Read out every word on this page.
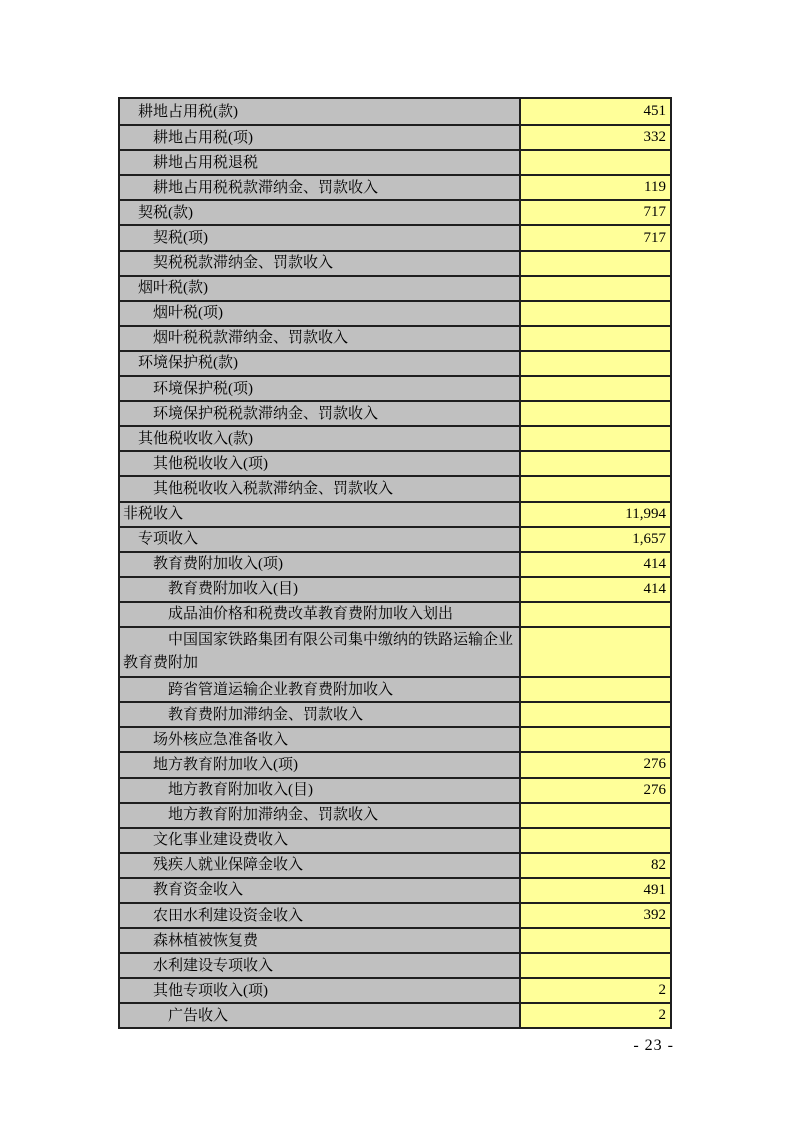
耕地占用税(款)	451
耕地占用税(项)	332
耕地占用税退税
耕地占用税税款滞纳金、罚款收入	119
契税(款)	717
契税(项)	717
契税税款滞纳金、罚款收入
烟叶税(款)
烟叶税(项)
烟叶税税款滞纳金、罚款收入
环境保护税(款)
环境保护税(项)
环境保护税税款滞纳金、罚款收入
其他税收收入(款)
其他税收收入(项)
其他税收收入税款滞纳金、罚款收入
非税收入	11,994
专项收入	1,657
教育费附加收入(项)	414
教育费附加收入(目)	414
成品油价格和税费改革教育费附加收入划出
中国国家铁路集团有限公司集中缴纳的铁路运输企业教育费附加
跨省管道运输企业教育费附加收入
教育费附加滞纳金、罚款收入
场外核应急准备收入
地方教育附加收入(项)	276
地方教育附加收入(目)	276
地方教育附加滞纳金、罚款收入
文化事业建设费收入
残疾人就业保障金收入	82
教育资金收入	491
农田水利建设资金收入	392
森林植被恢复费
水利建设专项收入
其他专项收入(项)	2
广告收入	2
- 23 -
